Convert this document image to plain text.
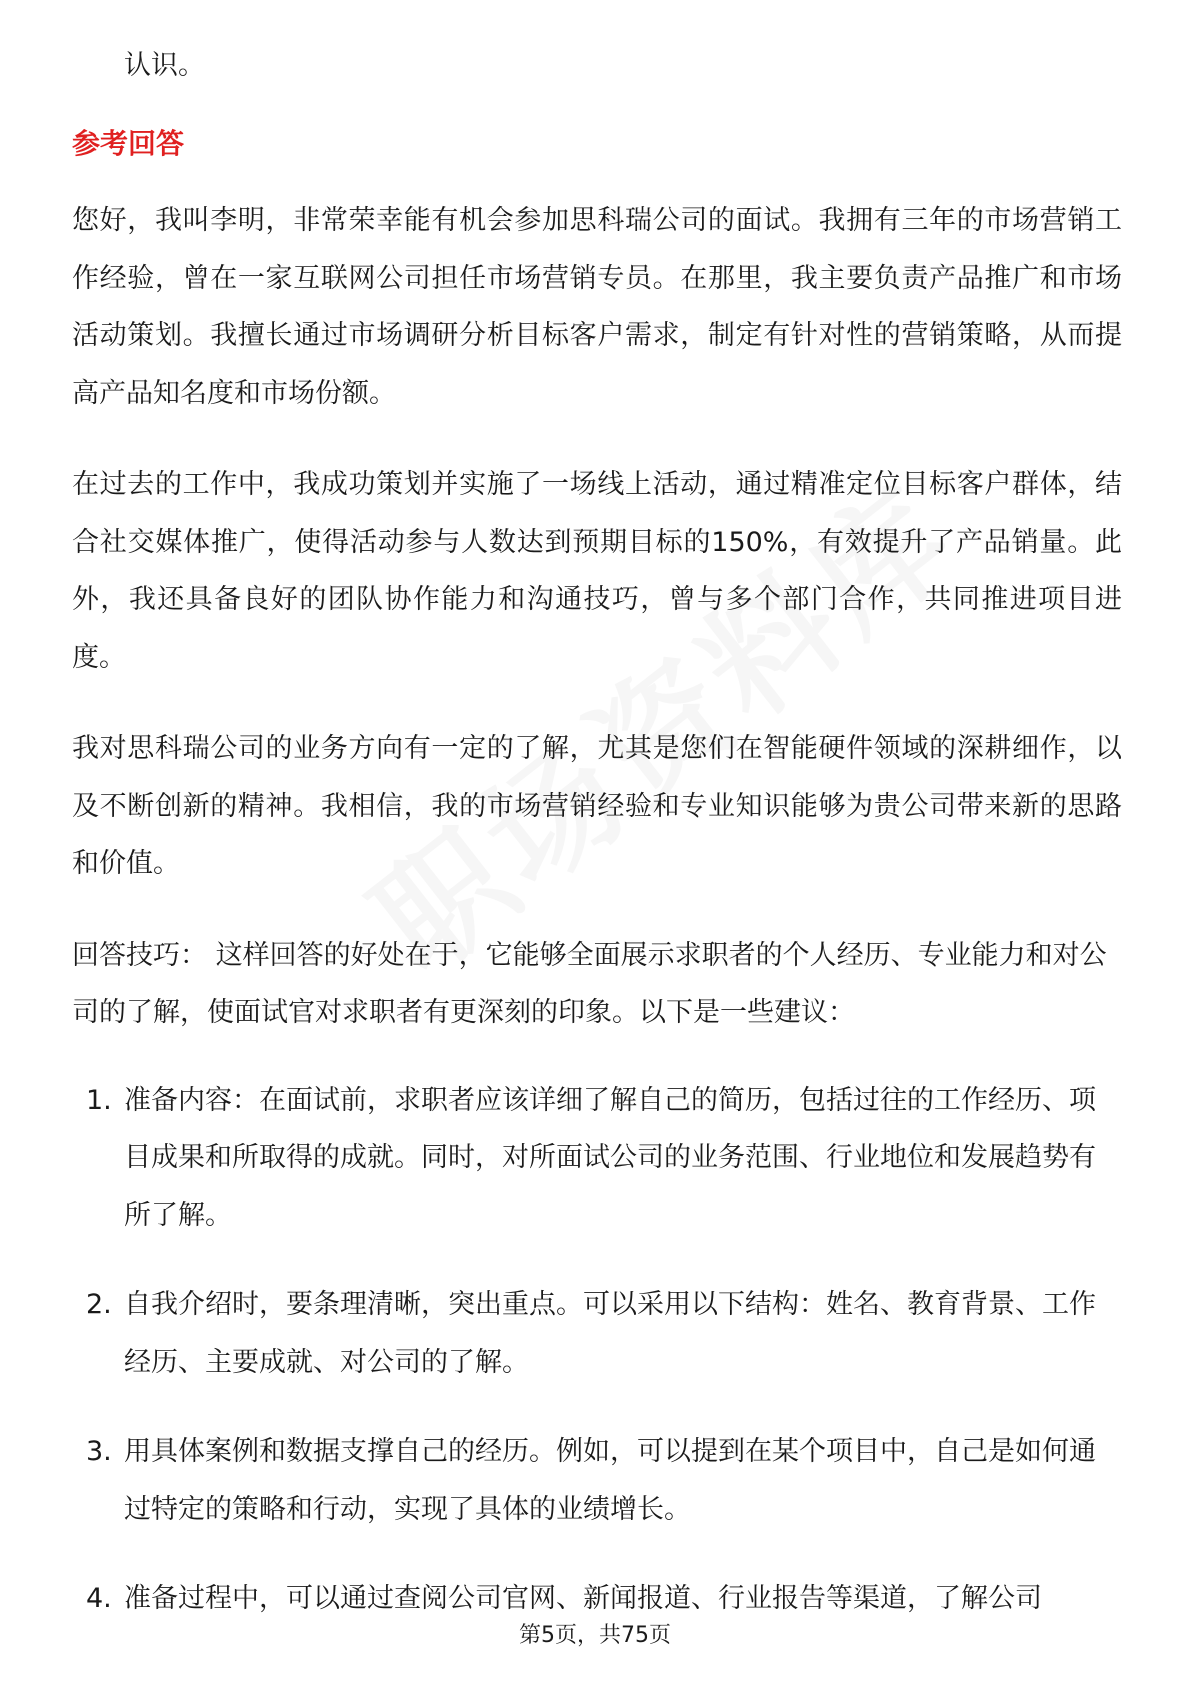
认识。

参考回答

您好，我叫李明，非常荣幸能有机会参加思科瑞公司的面试。我拥有三年的市场营销工作经验，曾在一家互联网公司担任市场营销专员。在那里，我主要负责产品推广和市场活动策划。我擅长通过市场调研分析目标客户需求，制定有针对性的营销策略，从而提高产品知名度和市场份额。

在过去的工作中，我成功策划并实施了一场线上活动，通过精准定位目标客户群体，结合社交媒体推广，使得活动参与人数达到预期目标的150%，有效提升了产品销量。此外，我还具备良好的团队协作能力和沟通技巧，曾与多个部门合作，共同推进项目进度。

我对思科瑞公司的业务方向有一定的了解，尤其是您们在智能硬件领域的深耕细作，以及不断创新的精神。我相信，我的市场营销经验和专业知识能够为贵公司带来新的思路和价值。

回答技巧： 这样回答的好处在于，它能够全面展示求职者的个人经历、专业能力和对公司的了解，使面试官对求职者有更深刻的印象。以下是一些建议：

1. 准备内容：在面试前，求职者应该详细了解自己的简历，包括过往的工作经历、项目成果和所取得的成就。同时，对所面试公司的业务范围、行业地位和发展趋势有所了解。
2. 自我介绍时，要条理清晰，突出重点。可以采用以下结构：姓名、教育背景、工作经历、主要成就、对公司的了解。
3. 用具体案例和数据支撑自己的经历。例如，可以提到在某个项目中，自己是如何通过特定的策略和行动，实现了具体的业绩增长。
4. 准备过程中，可以通过查阅公司官网、新闻报道、行业报告等渠道，了解公司
第5页，共75页
